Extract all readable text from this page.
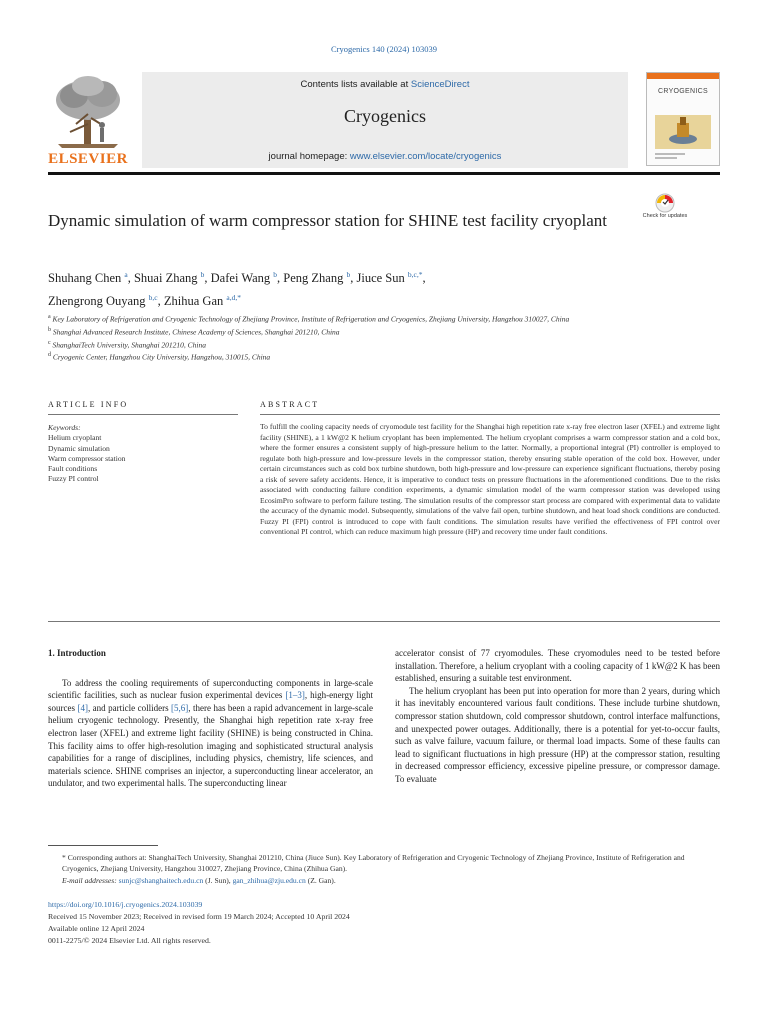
Cryogenics 140 (2024) 103039
ELSEVIER
Contents lists available at ScienceDirect
Cryogenics
journal homepage: www.elsevier.com/locate/cryogenics
CRYOGENICS
Check for updates
Dynamic simulation of warm compressor station for SHINE test facility cryoplant
Shuhang Chen $^a$, Shuai Zhang $^b$, Dafei Wang $^b$, Peng Zhang $^b$, Jiuce Sun $^{b,c,*}$,
Zhengrong Ouyang $^{b,c}$, Zhihua Gan $^{a,d,*}$

$^a$ Key Laboratory of Refrigeration and Cryogenic Technology of Zhejiang Province, Institute of Refrigeration and Cryogenics, Zhejiang University, Hangzhou 310027, China

$^b$ Shanghai Advanced Research Institute, Chinese Academy of Sciences, Shanghai 201210, China

$^c$ ShanghaiTech University, Shanghai 201210, China

$^d$ Cryogenic Center, Hangzhou City University, Hangzhou, 310015, China

ARTICLE INFO	ABSTRACT
Keywords:
Helium cryoplant
Dynamic simulation
Warm compressor station
Fault conditions
Fuzzy PI control
To fulfill the cooling capacity needs of cryomodule test facility for the Shanghai high repetition rate x-ray free electron laser (XFEL) and extreme light facility (SHINE), a 1 kW@2 K helium cryoplant has been implemented. The helium cryoplant comprises a warm compressor station and a cold box, where the former ensures a consistent supply of high-pressure helium to the latter. Normally, a proportional integral (PI) controller is employed to regulate both high-pressure and low-pressure levels in the compressor station, thereby ensuring stable operation of the cold box. However, under certain circumstances such as cold box turbine shutdown, both high-pressure and low-pressure can experience significant fluctuations, thereby posing a risk of severe safety accidents. Hence, it is imperative to conduct tests on pressure fluctuations in the aforementioned conditions. Due to the risks associated with conducting failure condition experiments, a dynamic simulation model of the warm compressor station was developed using EcosimPro software to perform failure testing. The simulation results of the compressor start process are compared with experimental data to validate the accuracy of the dynamic model. Subsequently, simulations of the valve fail open, turbine shutdown, and heat load shock conditions are conducted. Fuzzy PI (FPI) control is introduced to cope with fault conditions. The simulation results have verified the effectiveness of FPI control over conventional PI control, which can reduce maximum high pressure (HP) and recovery time under fault conditions.
1. Introduction

To address the cooling requirements of superconducting components in large-scale scientific facilities, such as nuclear fusion experimental devices [1–3], high-energy light sources [4], and particle colliders [5,6], there has been a rapid advancement in large-scale helium cryogenic technology. Presently, the Shanghai high repetition rate x-ray free electron laser (XFEL) and extreme light facility (SHINE) is being constructed in China. This facility aims to offer high-resolution imaging and sophisticated structural analysis capabilities for a range of disciplines, including physics, chemistry, life sciences, and materials science. SHINE comprises an injector, a superconducting linear accelerator, an undulator, and two experimental halls. The superconducting linear

accelerator consist of 77 cryomodules. These cryomodules need to be tested before installation. Therefore, a helium cryoplant with a cooling capacity of 1 kW@2 K has been established, ensuring a suitable test environment.

The helium cryoplant has been put into operation for more than 2 years, during which it has inevitably encountered various fault conditions. These include turbine shutdown, compressor station shutdown, cold compressor shutdown, control interface malfunctions, and unexpected power outages. Additionally, there is a potential for yet-to-occur faults, such as valve failure, vacuum failure, or thermal load impacts. Some of these faults can lead to significant fluctuations in high pressure (HP) at the compressor station, resulting in decreased compressor efficiency, excessive pipeline pressure, or compressor damage. To evaluate

* Corresponding authors at: ShanghaiTech University, Shanghai 201210, China (Jiuce Sun). Key Laboratory of Refrigeration and Cryogenic Technology of Zhejiang Province, Institute of Refrigeration and Cryogenics, Zhejiang University, Hangzhou 310027, Zhejiang Province, China (Zhihua Gan).
E-mail addresses: sunjc@shanghaitech.edu.cn (J. Sun), gan_zhihua@zju.edu.cn (Z. Gan).
https://doi.org/10.1016/j.cryogenics.2024.103039
Received 15 November 2023; Received in revised form 19 March 2024; Accepted 10 April 2024
Available online 12 April 2024
0011-2275/© 2024 Elsevier Ltd. All rights reserved.
